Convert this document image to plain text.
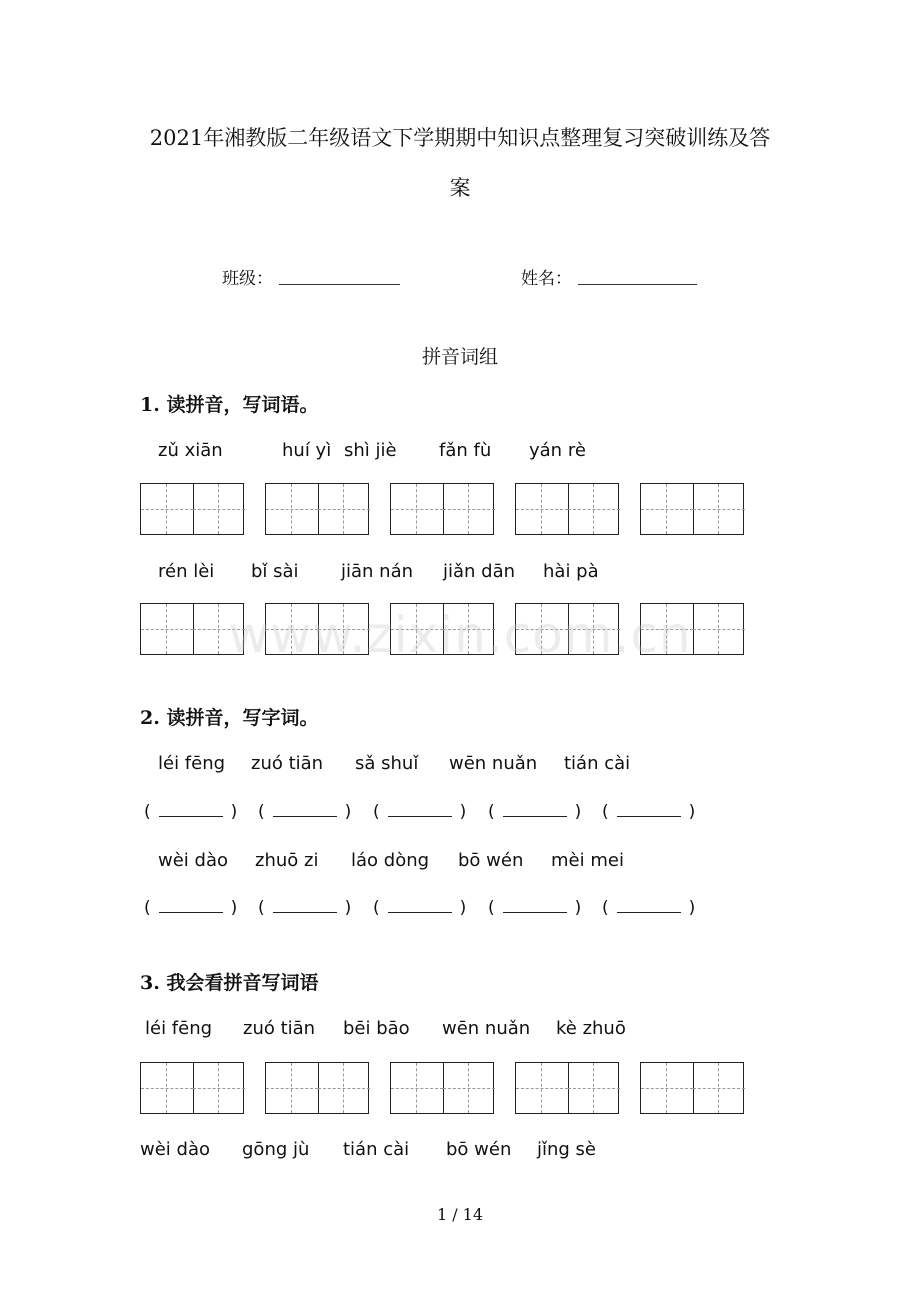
2021年湘教版二年级语文下学期期中知识点整理复习突破训练及答
案
班级：	姓名：
拼音词组
1. 读拼音，写词语。
zǔ xiān	huí yì shì jiè fǎn fù yán rè
rén lèi bǐ sài jiān nán jiǎn dān hài pà
www.zixin.com.cn
2. 读拼音，写字词。
léi fēng zuó tiān sǎ shuǐ wēn nuǎn tián cài
(	) (	) (	) (	) (	)
wèi dào zhuō zi láo dòng bō wén mèi mei
(	) (	) (	) (	) (	)
3. 我会看拼音写词语
léi fēng zuó tiān bēi bāo wēn nuǎn kè zhuō
wèi dào gōng jù tián cài bō wén jǐng sè
1 / 14
